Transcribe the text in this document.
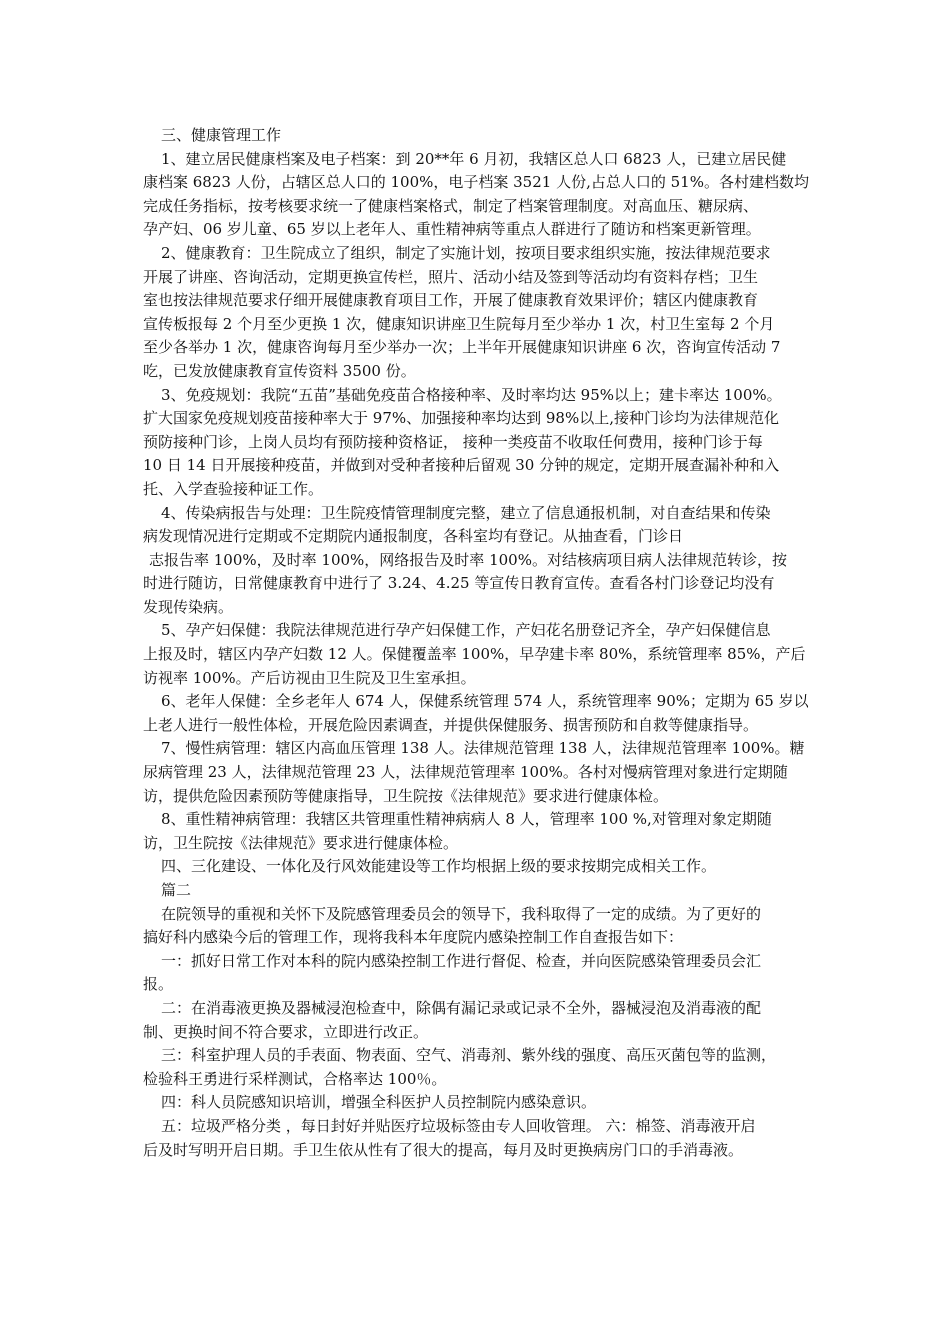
三、健康管理工作
1、建立居民健康档案及电子档案：到 20**年 6 月初，我辖区总人口 6823 人，已建立居民健
康档案 6823 人份，占辖区总人口的 100%，电子档案 3521 人份,占总人口的 51%。各村建档数均
完成任务指标，按考核要求统一了健康档案格式，制定了档案管理制度。对高血压、糖尿病、
孕产妇、06 岁儿童、65 岁以上老年人、重性精神病等重点人群进行了随访和档案更新管理。
2、健康教育：卫生院成立了组织，制定了实施计划，按项目要求组织实施，按法律规范要求
开展了讲座、咨询活动，定期更换宣传栏，照片、活动小结及签到等活动均有资料存档；卫生
室也按法律规范要求仔细开展健康教育项目工作，开展了健康教育效果评价；辖区内健康教育
宣传板报每 2 个月至少更换 1 次，健康知识讲座卫生院每月至少举办 1 次，村卫生室每 2 个月
至少各举办 1 次，健康咨询每月至少举办一次；上半年开展健康知识讲座 6 次，咨询宣传活动 7
吃，已发放健康教育宣传资料 3500 份。
3、免疫规划：我院“五苗”基础免疫苗合格接种率、及时率均达 95%以上；建卡率达 100%。
扩大国家免疫规划疫苗接种率大于 97%、加强接种率均达到 98%以上,接种门诊均为法律规范化
预防接种门诊，上岗人员均有预防接种资格证， 接种一类疫苗不收取任何费用，接种门诊于每
10 日 14 日开展接种疫苗，并做到对受种者接种后留观 30 分钟的规定，定期开展查漏补种和入
托、入学查验接种证工作。
4、传染病报告与处理：卫生院疫情管理制度完整，建立了信息通报机制，对自查结果和传染
病发现情况进行定期或不定期院内通报制度，各科室均有登记。从抽查看，门诊日
志报告率 100%，及时率 100%，网络报告及时率 100%。对结核病项目病人法律规范转诊，按
时进行随访，日常健康教育中进行了 3.24、4.25 等宣传日教育宣传。查看各村门诊登记均没有
发现传染病。
5、孕产妇保健：我院法律规范进行孕产妇保健工作，产妇花名册登记齐全，孕产妇保健信息
上报及时，辖区内孕产妇数 12 人。保健覆盖率 100%，早孕建卡率 80%，系统管理率 85%，产后
访视率 100%。产后访视由卫生院及卫生室承担。
6、老年人保健：全乡老年人 674 人，保健系统管理 574 人，系统管理率 90%；定期为 65 岁以
上老人进行一般性体检，开展危险因素调查，并提供保健服务、损害预防和自救等健康指导。
7、慢性病管理：辖区内高血压管理 138 人。法律规范管理 138 人，法律规范管理率 100%。糖
尿病管理 23 人，法律规范管理 23 人，法律规范管理率 100%。各村对慢病管理对象进行定期随
访，提供危险因素预防等健康指导，卫生院按《法律规范》要求进行健康体检。
8、重性精神病管理：我辖区共管理重性精神病病人 8 人，管理率 100 %,对管理对象定期随
访，卫生院按《法律规范》要求进行健康体检。
四、三化建设、一体化及行风效能建设等工作均根据上级的要求按期完成相关工作。
篇二
在院领导的重视和关怀下及院感管理委员会的领导下，我科取得了一定的成绩。为了更好的
搞好科内感染今后的管理工作，现将我科本年度院内感染控制工作自查报告如下：
一：抓好日常工作对本科的院内感染控制工作进行督促、检查，并向医院感染管理委员会汇
报。
二：在消毒液更换及器械浸泡检查中，除偶有漏记录或记录不全外，器械浸泡及消毒液的配
制、更换时间不符合要求，立即进行改正。
三：科室护理人员的手表面、物表面、空气、消毒剂、紫外线的强度、高压灭菌包等的监测，
检验科王勇进行采样测试，合格率达 100％。
四：科人员院感知识培训，增强全科医护人员控制院内感染意识。
五：垃圾严格分类 ，每日封好并贴医疗垃圾标签由专人回收管理。 六：棉签、消毒液开启
后及时写明开启日期。手卫生依从性有了很大的提高，每月及时更换病房门口的手消毒液。
